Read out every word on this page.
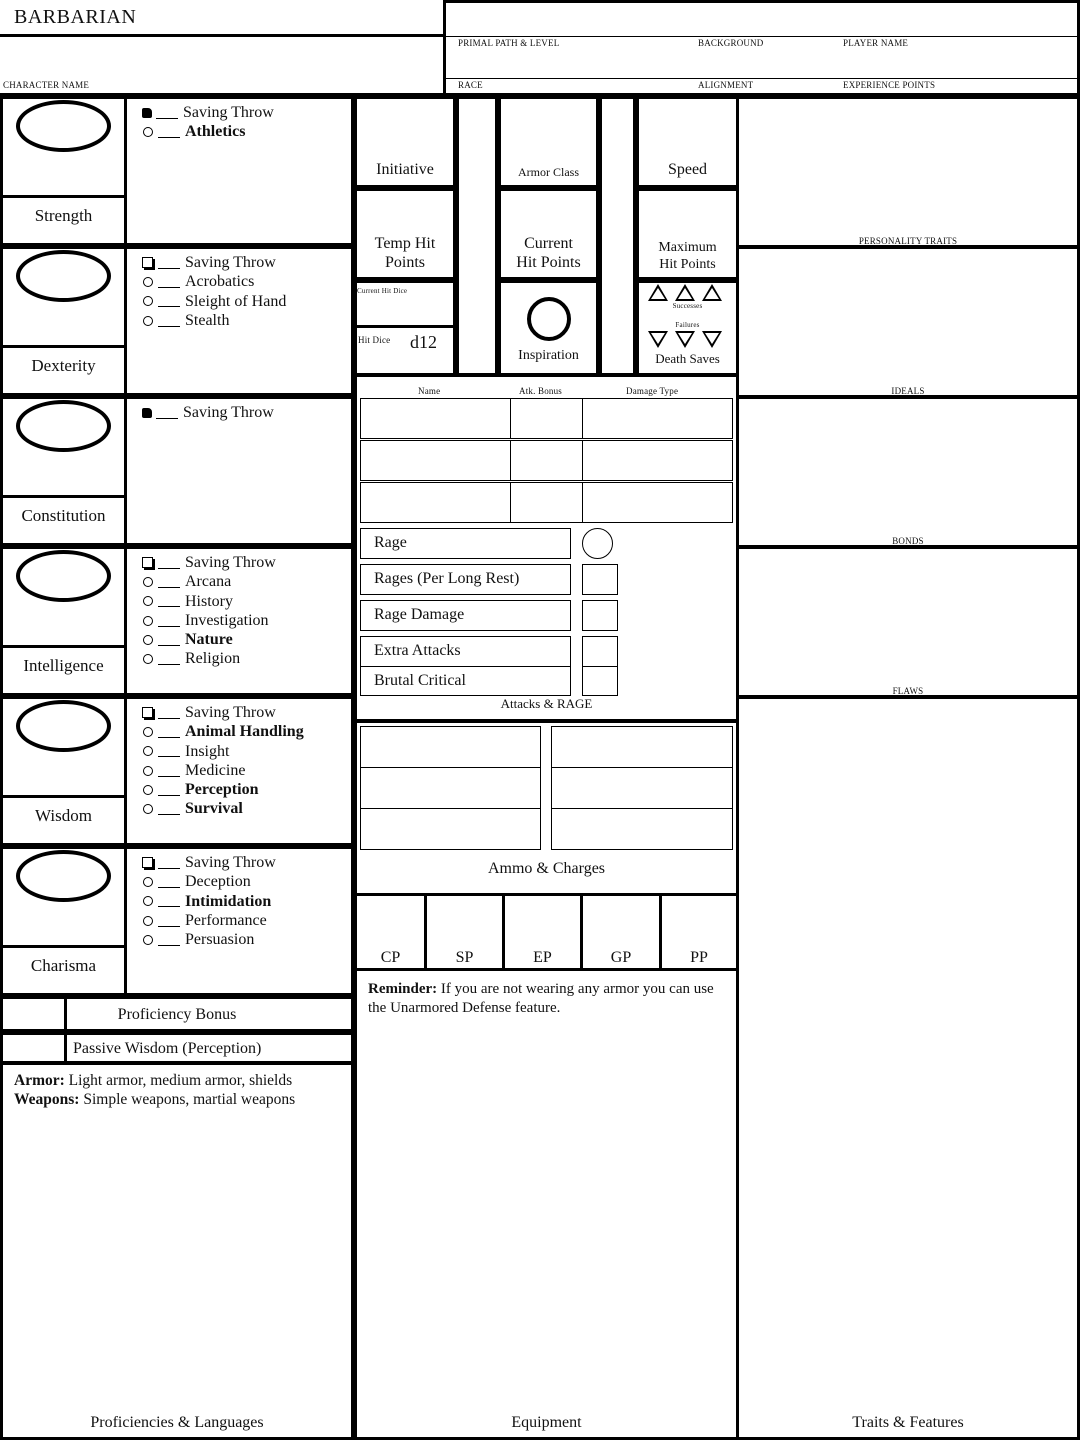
BARBARIAN
CHARACTER NAME
PRIMAL PATH & LEVEL	BACKGROUND	PLAYER NAME
RACE	ALIGNMENT	EXPERIENCE POINTS
Strength
Saving Throw
Athletics
Dexterity
Saving Throw
Acrobatics
Sleight of Hand
Stealth
Constitution
Saving Throw
Intelligence
Saving Throw
Arcana
History
Investigation
Nature
Religion
Wisdom
Saving Throw
Animal Handling
Insight
Medicine
Perception
Survival
Charisma
Saving Throw
Deception
Intimidation
Performance
Persuasion
Proficiency Bonus
Passive Wisdom (Perception)
Armor: Light armor, medium armor, shields
Weapons: Simple weapons, martial weapons
Proficiencies & Languages
Initiative	Armor Class	Speed
Temp Hit
Points
Current
Hit Points
Maximum
Hit Points
Current Hit Dice
Hit Dice d12
Inspiration
Successes
Failures
Death Saves
Name	Atk. Bonus	Damage Type
Rage
Rages (Per Long Rest)
Rage Damage
Extra Attacks
Brutal Critical
Attacks & RAGE
Ammo & Charges
CP	SP	EP	GP	PP
Reminder: If you are not wearing any armor you can use the Unarmored Defense feature.
Equipment
PERSONALITY TRAITS
IDEALS
BONDS
FLAWS
Traits & Features
